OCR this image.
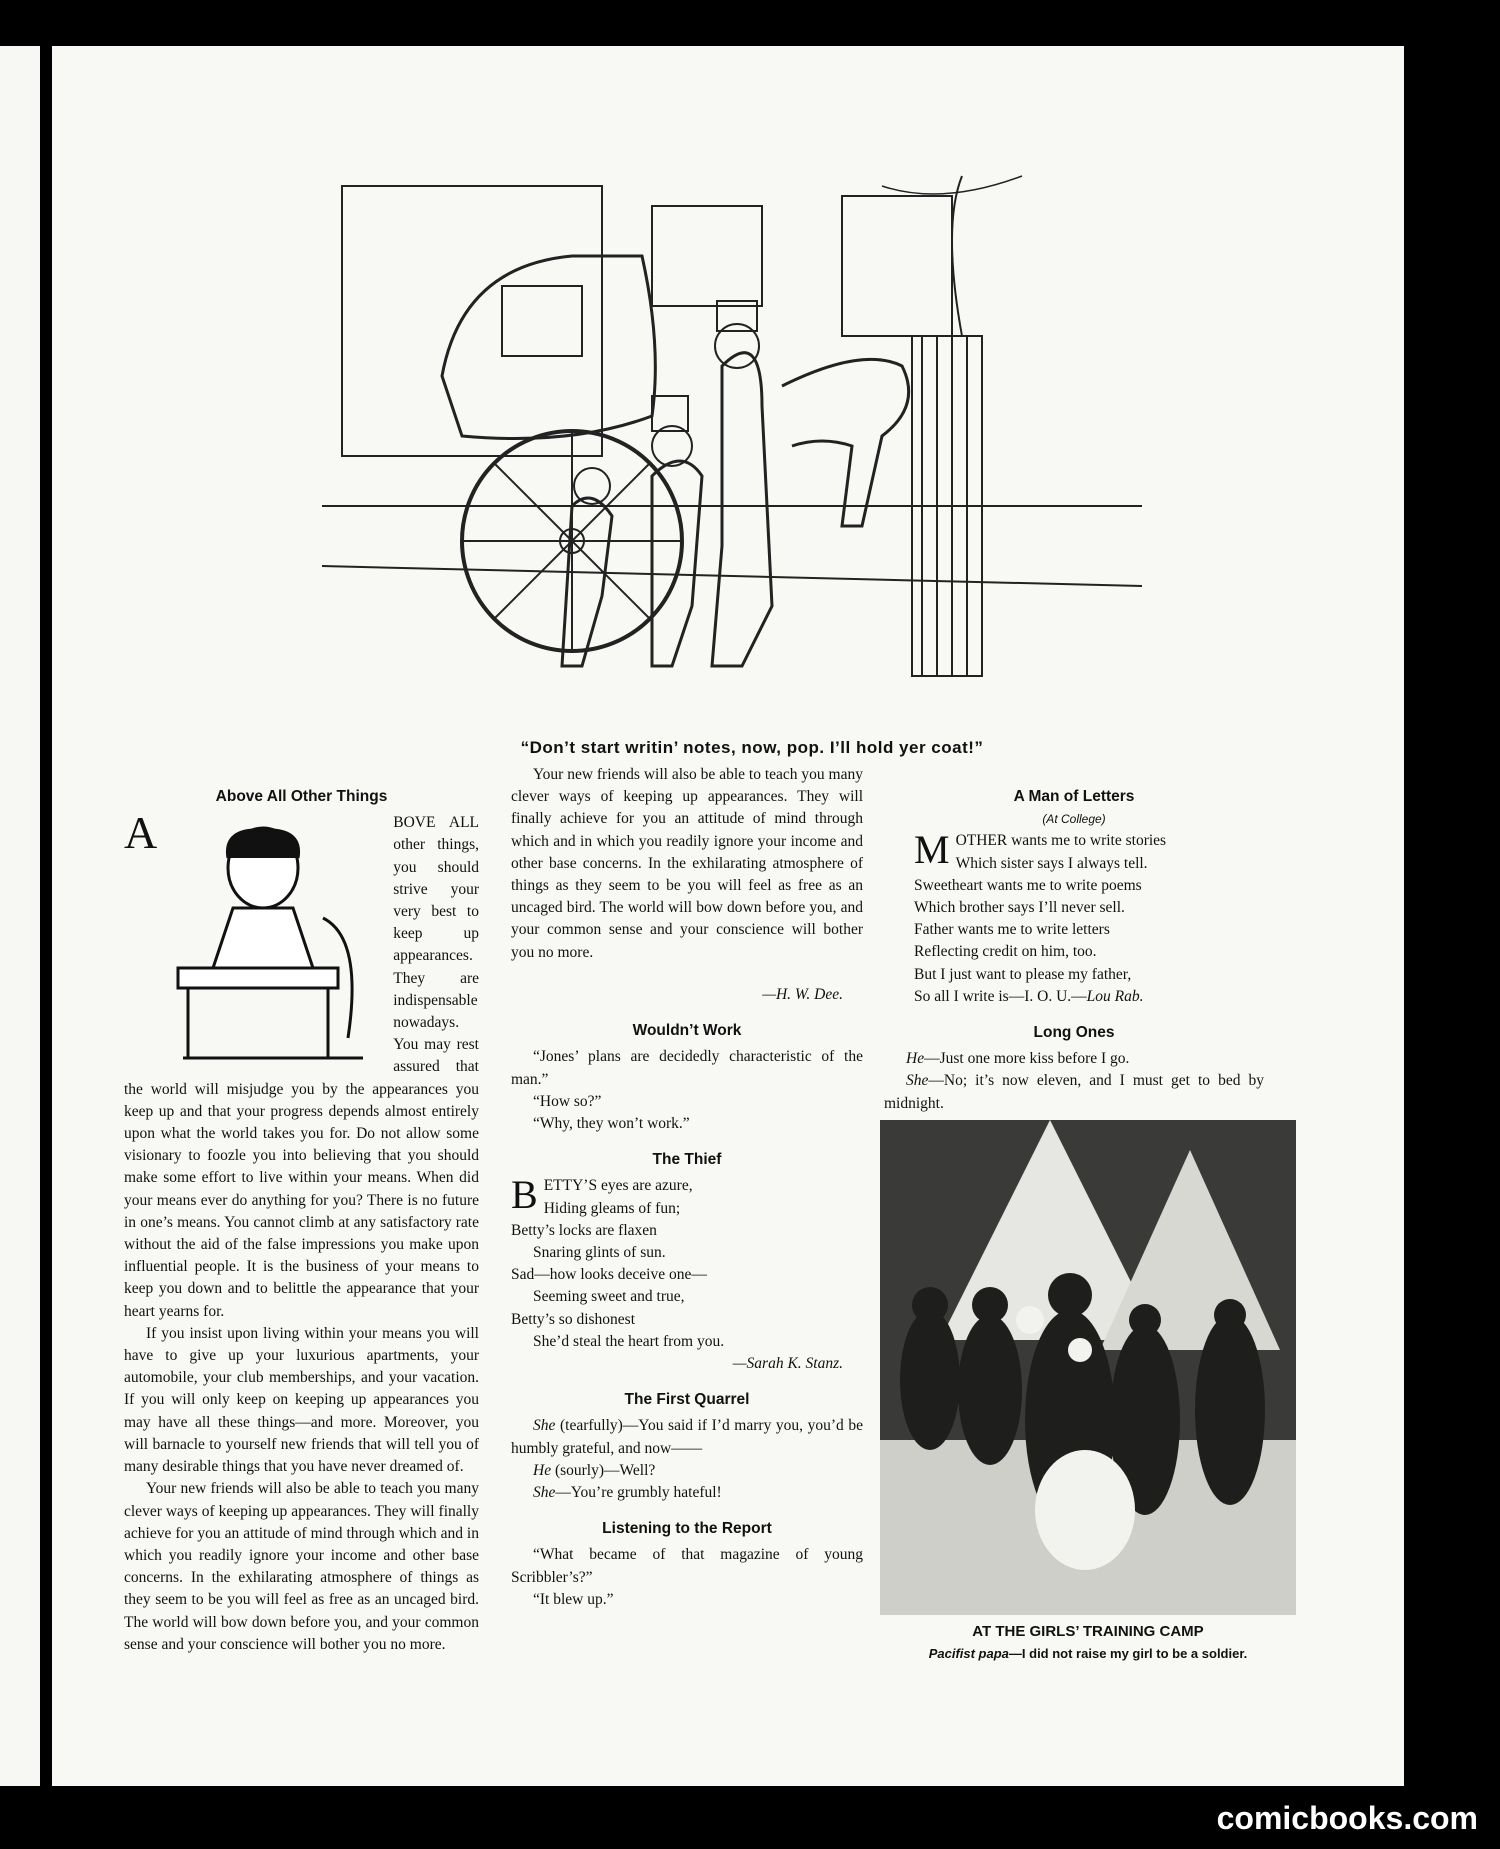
“Don’t start writin’ notes, now, pop. I’ll hold yer coat!”
Above All Other Things

A	BOVE ALL other things, you should strive your very best to keep up appearances. They are indispensable nowadays. You may rest assured that the world will misjudge you by the appearances you keep up and that your progress depends almost entirely upon what the world takes you for. Do not allow some visionary to foozle you into believing that you should make some effort to live within your means. When did your means ever do anything for you? There is no future in one’s means. You cannot climb at any satisfactory rate without the aid of the false impressions you make upon influential people. It is the business of your means to keep you down and to belittle the appearance that your heart yearns for.

If you insist upon living within your means you will have to give up your luxurious apartments, your automobile, your club memberships, and your vacation. If you will only keep on keeping up appearances you may have all these things—and more. Moreover, you will barnacle to yourself new friends that will tell you of many desirable things that you have never dreamed of.

Your new friends will also be able to teach you many clever ways of keeping up appearances. They will finally achieve for you an attitude of mind through which and in which you readily ignore your income and other base concerns. In the exhilarating atmosphere of things as they seem to be you will feel as free as an uncaged bird. The world will bow down before you, and your common sense and your conscience will bother you no more.

Your new friends will also be able to teach you many clever ways of keeping up appearances. They will finally achieve for you an attitude of mind through which and in which you readily ignore your income and other base concerns. In the exhilarating atmosphere of things as they seem to be you will feel as free as an uncaged bird. The world will bow down before you, and your common sense and your conscience will bother you no more.

—H. W. Dee.

Wouldn’t Work

“Jones’ plans are decidedly characteristic of the man.”

“How so?”

“Why, they won’t work.”

The Thief
B ETTY’S eyes are azure,
Hiding gleams of fun;
Betty’s locks are flaxen
Snaring glints of sun.
Sad—how looks deceive one—
Seeming sweet and true,
Betty’s so dishonest
She’d steal the heart from you.
—Sarah K. Stanz.
The First Quarrel

She (tearfully)—You said if I’d marry you, you’d be humbly grateful, and now——

He (sourly)—Well?

She—You’re grumbly hateful!

Listening to the Report

“What became of that magazine of young Scribbler’s?”

“It blew up.”

A Man of Letters
(At College)
M OTHER wants me to write stories
Which sister says I always tell.
Sweetheart wants me to write poems
Which brother says I’ll never sell.
Father wants me to write letters
Reflecting credit on him, too.
But I just want to please my father,
So all I write is—I. O. U.—Lou Rab.
Long Ones

He—Just one more kiss before I go.

She—No; it’s now eleven, and I must get to bed by midnight.

AT THE GIRLS’ TRAINING CAMP
Pacifist papa—I did not raise my girl to be a soldier.
comicbooks.com
